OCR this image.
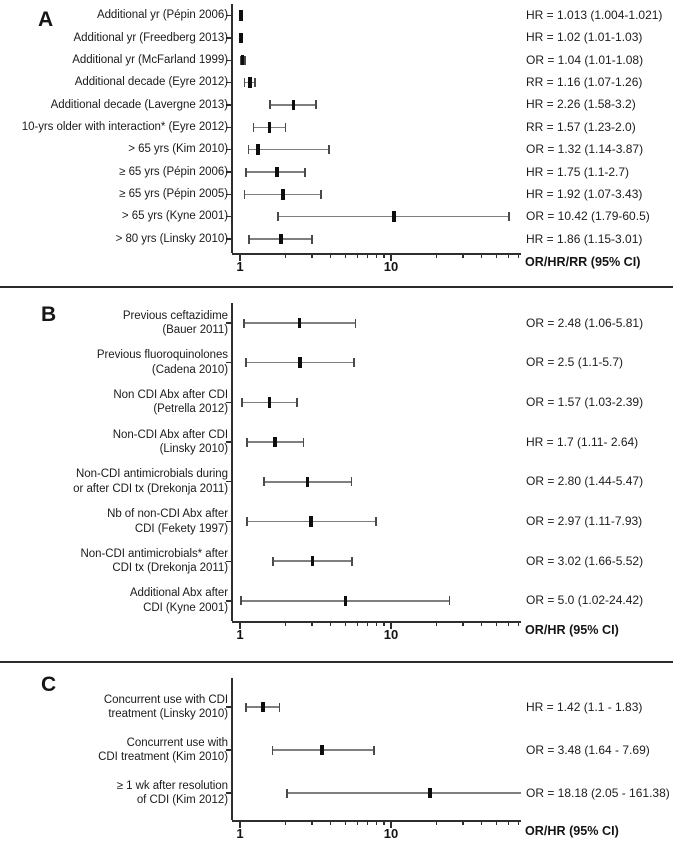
A
OR/HR/RR (95% CI)
1	10
Additional yr (Pépin 2006)	HR = 1.013 (1.004-1.021)
Additional yr (Freedberg 2013)	HR = 1.02 (1.01-1.03)
Additional yr (McFarland 1999)	OR = 1.04 (1.01-1.08)
Additional decade (Eyre 2012)	RR = 1.16 (1.07-1.26)
Additional decade (Lavergne 2013)	HR = 2.26 (1.58-3.2)
10-yrs older with interaction* (Eyre 2012)	RR = 1.57 (1.23-2.0)
> 65 yrs (Kim 2010)	OR = 1.32 (1.14-3.87)
≥ 65 yrs (Pépin 2006)	HR = 1.75 (1.1-2.7)
≥ 65 yrs (Pépin 2005)	HR = 1.92 (1.07-3.43)
> 65 yrs (Kyne 2001)	OR = 10.42 (1.79-60.5)
> 80 yrs (Linsky 2010)	HR = 1.86 (1.15-3.01)
B
OR/HR (95% CI)
1	10
Previous ceftazidime
(Bauer 2011)
OR = 2.48 (1.06-5.81)
Previous fluoroquinolones
(Cadena 2010)
OR = 2.5 (1.1-5.7)
Non CDI Abx after CDI
(Petrella 2012)
OR = 1.57 (1.03-2.39)
Non-CDI Abx after CDI
(Linsky 2010)
HR = 1.7 (1.11- 2.64)
Non-CDI antimicrobials during
or after CDI tx (Drekonja 2011)
OR = 2.80 (1.44-5.47)
Nb of non-CDI Abx after
CDI (Fekety 1997)
OR = 2.97 (1.11-7.93)
Non-CDI antimicrobials* after
CDI tx (Drekonja 2011)
OR = 3.02 (1.66-5.52)
Additional Abx after
CDI (Kyne 2001)
OR = 5.0 (1.02-24.42)
C
OR/HR (95% CI)
1	10
Concurrent use with CDI
treatment (Linsky 2010)
HR = 1.42 (1.1 - 1.83)
Concurrent use with
CDI treatment (Kim 2010)
OR = 3.48 (1.64 - 7.69)
≥ 1 wk after resolution
of CDI (Kim 2012)
OR = 18.18 (2.05 - 161.38)
